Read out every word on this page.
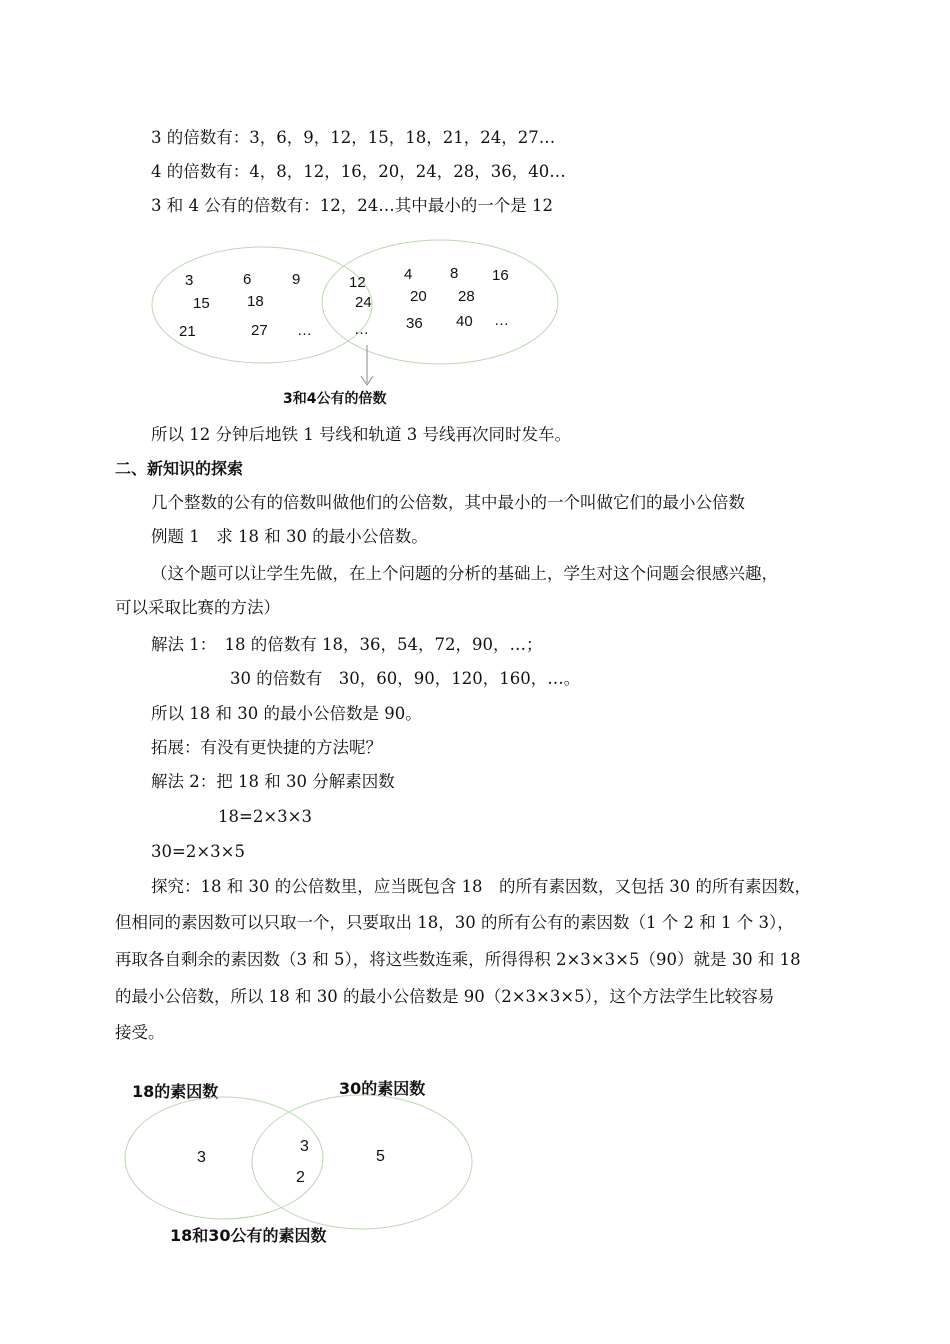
3 的倍数有：3，6，9，12，15，18，21，24，27…
4 的倍数有：4，8，12，16，20，24，28，36，40…
3 和 4 公有的倍数有：12，24…其中最小的一个是 12
所以 12 分钟后地铁 1 号线和轨道 3 号线再次同时发车。
二、新知识的探索
几个整数的公有的倍数叫做他们的公倍数，其中最小的一个叫做它们的最小公倍数
例题 1　求 18 和 30 的最小公倍数。
（这个题可以让学生先做，在上个问题的分析的基础上，学生对这个问题会很感兴趣，
可以采取比赛的方法）
解法 1：　18 的倍数有 18，36，54，72，90，…；
30 的倍数有　30，60，90，120，160，…。
所以 18 和 30 的最小公倍数是 90。
拓展：有没有更快捷的方法呢？
解法 2：把 18 和 30 分解素因数
18=2×3×3
30=2×3×5
探究：18 和 30 的公倍数里，应当既包含 18　的所有素因数，又包括 30 的所有素因数，
但相同的素因数可以只取一个，只要取出 18，30 的所有公有的素因数（1 个 2 和 1 个 3），
再取各自剩余的素因数（3 和 5），将这些数连乘，所得得积 2×3×3×5（90）就是 30 和 18
的最小公倍数，所以 18 和 30 的最小公倍数是 90（2×3×3×5），这个方法学生比较容易
接受。
3	6	9
15 18
21	27 …
12
24
…
4	8 16
20 28
36 40 …
3和4公有的倍数
18的素因数	30的素因数
3
3
2
5
18和30公有的素因数
